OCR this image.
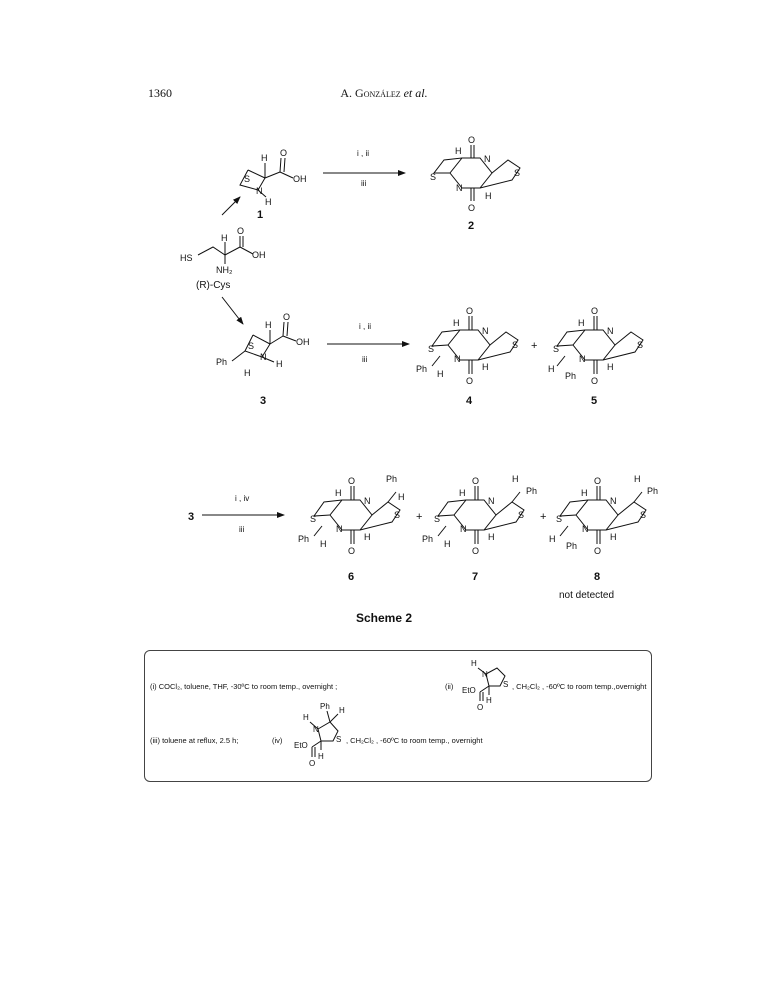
1360	A. González et al.
S
N
H O
OH
H
1
i , ii
iii
O
O
N
N
S	S
H
H
2
HS
H
O
OH
NH₂
(R)-Cys
S
N
H
O
OH
Ph	H
H
3
i , ii
iii
O
O
N
N
S	S
H
H
Ph H
4
+
O
O
N
N
S	S
H
H
H
Ph
5
3
i , iv
iii
O
O
N
N
S	S
H
H
Ph H
Ph
H
6
+
O
O
N
N
S	S
H
H
Ph H
H
Ph
7
+
O
O
N
N
S	S
H
H
H
Ph
H
Ph
8
H
N
S
EtO
O
H
H
N
S
EtO
O
H
Ph H
not detected
Scheme 2
(i) COCl₂, toluene, THF, -30ºC to room temp., overnight ;	(ii)	, CH₂Cl₂ , -60ºC to room temp.,overnight
(iii) toluene at reflux, 2.5 h;	(iv)	, CH₂Cl₂ , -60ºC to room temp., overnight
